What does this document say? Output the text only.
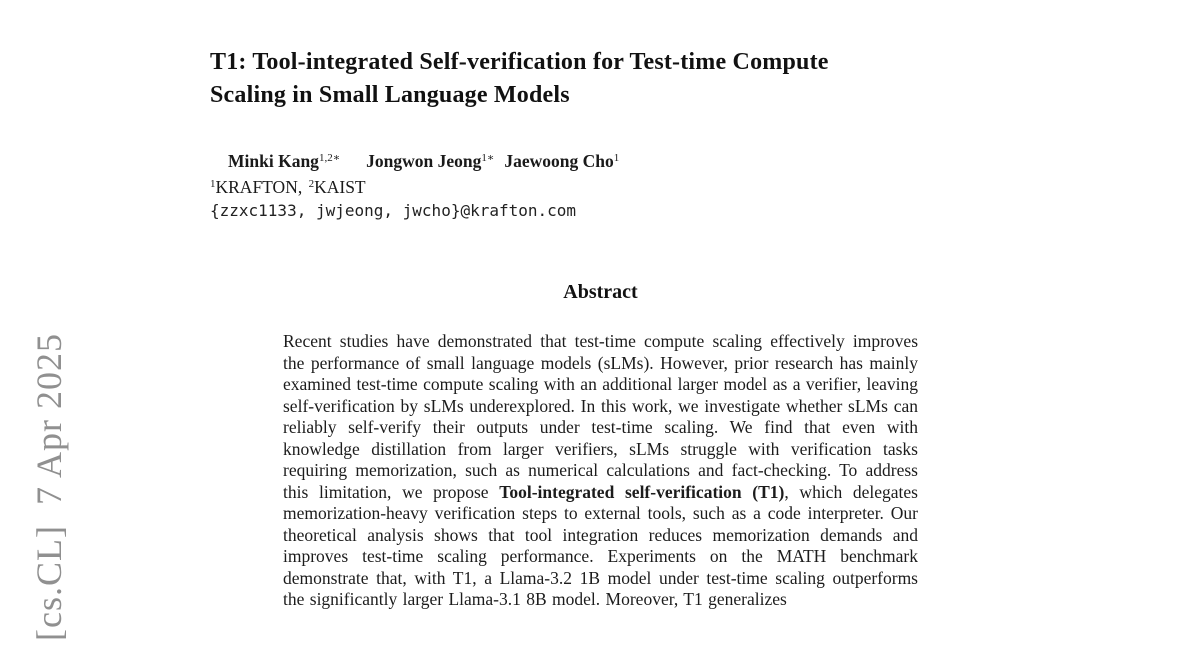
[cs.CL]  7 Apr 2025
T1: Tool-integrated Self-verification for Test-time Compute
Scaling in Small Language Models
Minki Kang$^{1,2∗}$ Jongwon Jeong$^{1∗}$ Jaewoong Cho$^1$
$^1$KRAFTON, $^2$KAIST
{zzxc1133, jwjeong, jwcho}@krafton.com
Abstract

Recent studies have demonstrated that test-time compute scaling effectively improves the performance of small language models (sLMs). However, prior research has mainly examined test-time compute scaling with an additional larger model as a verifier, leaving self-verification by sLMs underexplored. In this work, we investigate whether sLMs can reliably self-verify their outputs under test-time scaling. We find that even with knowledge distillation from larger verifiers, sLMs struggle with verification tasks requiring memorization, such as numerical calculations and fact-checking. To address this limitation, we propose Tool-integrated self-verification (T1), which delegates memorization-heavy verification steps to external tools, such as a code interpreter. Our theoretical analysis shows that tool integration reduces memorization demands and improves test-time scaling performance. Experiments on the MATH benchmark demonstrate that, with T1, a Llama-3.2 1B model under test-time scaling outperforms the significantly larger Llama-3.1 8B model. Moreover, T1 generalizes
